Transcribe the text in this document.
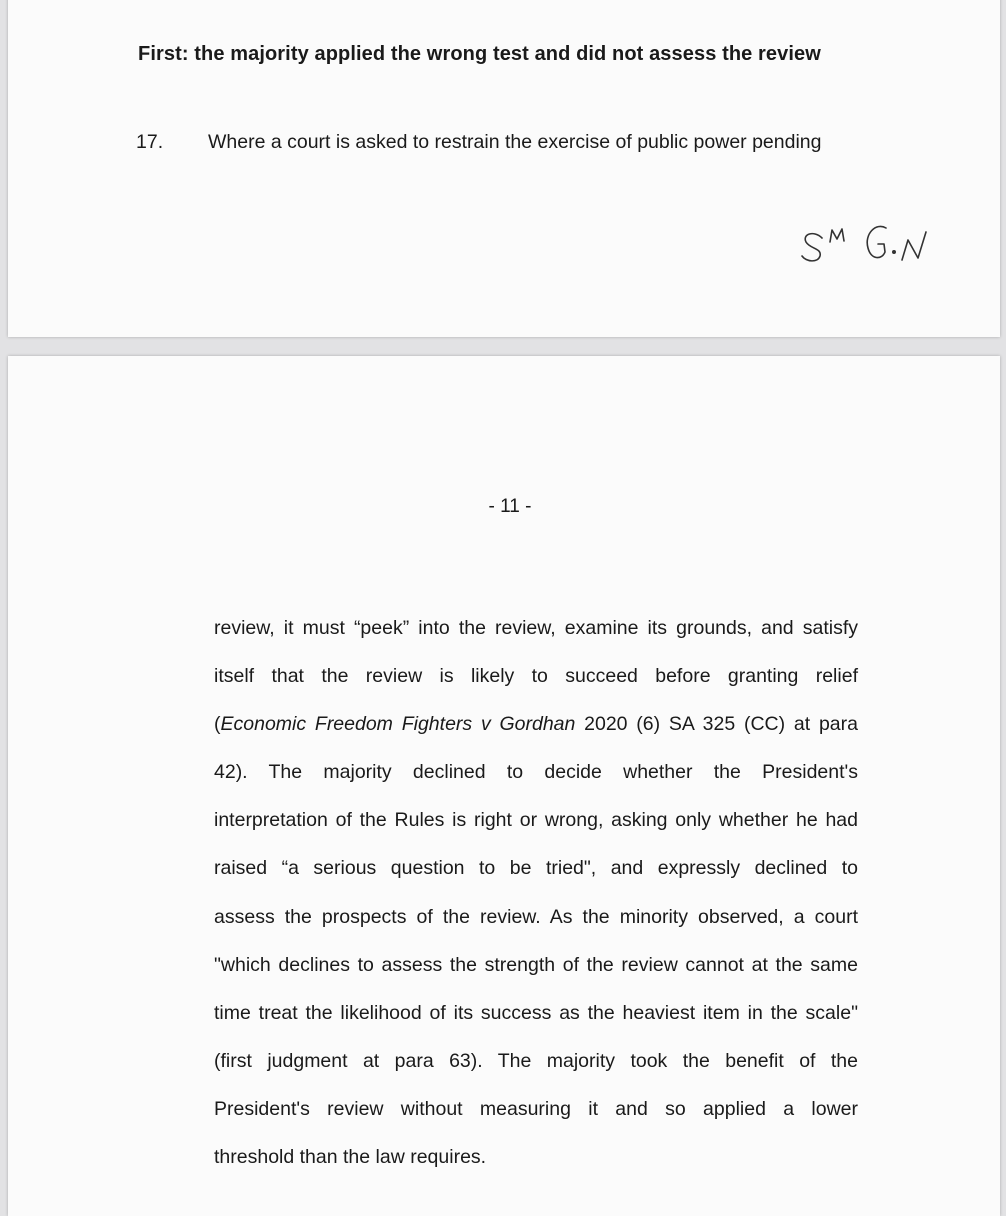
First: the majority applied the wrong test and did not assess the review
17. Where a court is asked to restrain the exercise of public power pending
- 11 -
review, it must “peek” into the review, examine its grounds, and satisfy
itself that the review is likely to succeed before granting relief
(Economic Freedom Fighters v Gordhan 2020 (6) SA 325 (CC) at para
42). The majority declined to decide whether the President's
interpretation of the Rules is right or wrong, asking only whether he had
raised “a serious question to be tried", and expressly declined to
assess the prospects of the review. As the minority observed, a court
"which declines to assess the strength of the review cannot at the same
time treat the likelihood of its success as the heaviest item in the scale"
(first judgment at para 63). The majority took the benefit of the
President's review without measuring it and so applied a lower
threshold than the law requires.
